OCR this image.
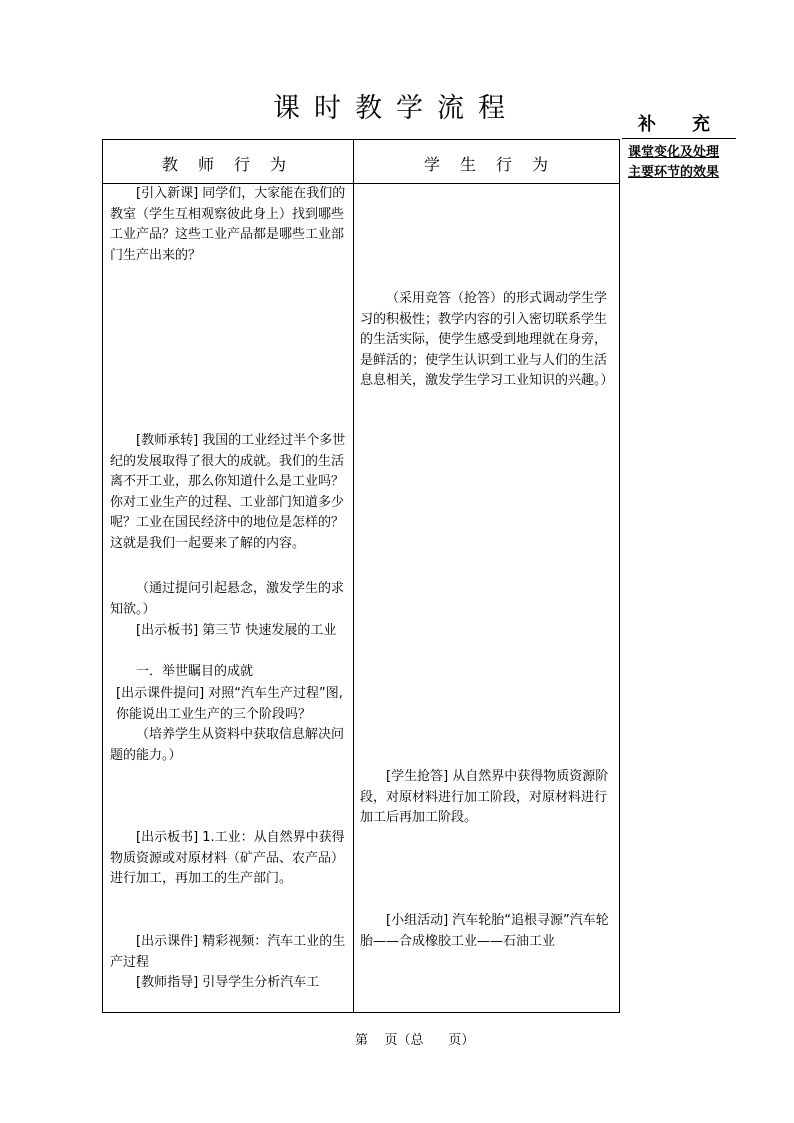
课时教学流程
补充
课堂变化及处理
主要环节的效果
教师行为	学生行为
[引入新课] 同学们，大家能在我们的教室（学生互相观察彼此身上）找到哪些工业产品？这些工业产品都是哪些工业部门生产出来的？
[教师承转] 我国的工业经过半个多世纪的发展取得了很大的成就。我们的生活离不开工业，那么你知道什么是工业吗？你对工业生产的过程、工业部门知道多少呢？工业在国民经济中的地位是怎样的？这就是我们一起要来了解的内容。
（通过提问引起悬念，激发学生的求知欲。）
[出示板书] 第三节 快速发展的工业
一．举世瞩目的成就
[出示课件提问] 对照“汽车生产过程”图,你能说出工业生产的三个阶段吗？
（培养学生从资料中获取信息解决问题的能力。）
[出示板书] 1.工业：从自然界中获得物质资源或对原材料（矿产品、农产品）进行加工，再加工的生产部门。
[出示课件] 精彩视频：汽车工业的生产过程
[教师指导] 引导学生分析汽车工
（采用竞答（抢答）的形式调动学生学习的积极性；教学内容的引入密切联系学生的生活实际，使学生感受到地理就在身旁，是鲜活的；使学生认识到工业与人们的生活息息相关，激发学生学习工业知识的兴趣。）
[学生抢答] 从自然界中获得物质资源阶段，对原材料进行加工阶段，对原材料进行加工后再加工阶段。
[小组活动] 汽车轮胎“追根寻源”汽车轮胎——合成橡胶工业——石油工业
第    页（总      页）
